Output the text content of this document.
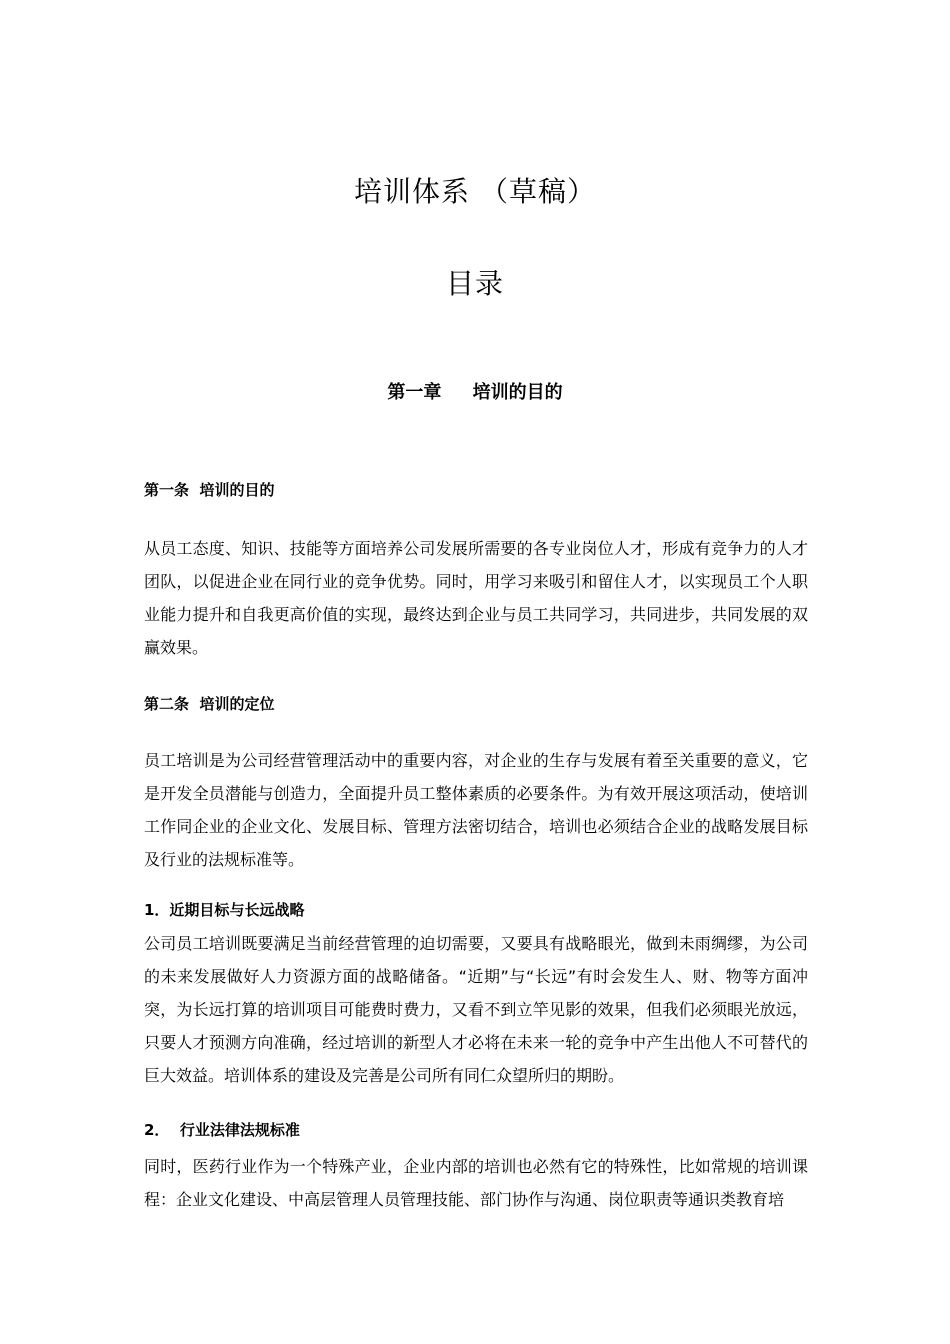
培训体系 （草稿）
目录
第一章     培训的目的
第一条  培训的目的

从员工态度、知识、技能等方面培养公司发展所需要的各专业岗位人才，形成有竞争力的人才团队，以促进企业在同行业的竞争优势。同时，用学习来吸引和留住人才，以实现员工个人职业能力提升和自我更高价值的实现，最终达到企业与员工共同学习，共同进步，共同发展的双赢效果。

第二条  培训的定位

员工培训是为公司经营管理活动中的重要内容，对企业的生存与发展有着至关重要的意义，它是开发全员潜能与创造力，全面提升员工整体素质的必要条件。为有效开展这项活动，使培训工作同企业的企业文化、发展目标、管理方法密切结合，培训也必须结合企业的战略发展目标及行业的法规标准等。

1．近期目标与长远战略

公司员工培训既要满足当前经营管理的迫切需要，又要具有战略眼光，做到未雨绸缪，为公司的未来发展做好人力资源方面的战略储备。“近期”与“长远”有时会发生人、财、物等方面冲突，为长远打算的培训项目可能费时费力，又看不到立竿见影的效果，但我们必须眼光放远，只要人才预测方向准确，经过培训的新型人才必将在未来一轮的竞争中产生出他人不可替代的巨大效益。培训体系的建设及完善是公司所有同仁众望所归的期盼。

2．  行业法律法规标准

同时，医药行业作为一个特殊产业，企业内部的培训也必然有它的特殊性，比如常规的培训课程：企业文化建设、中高层管理人员管理技能、部门协作与沟通、岗位职责等通识类教育培
